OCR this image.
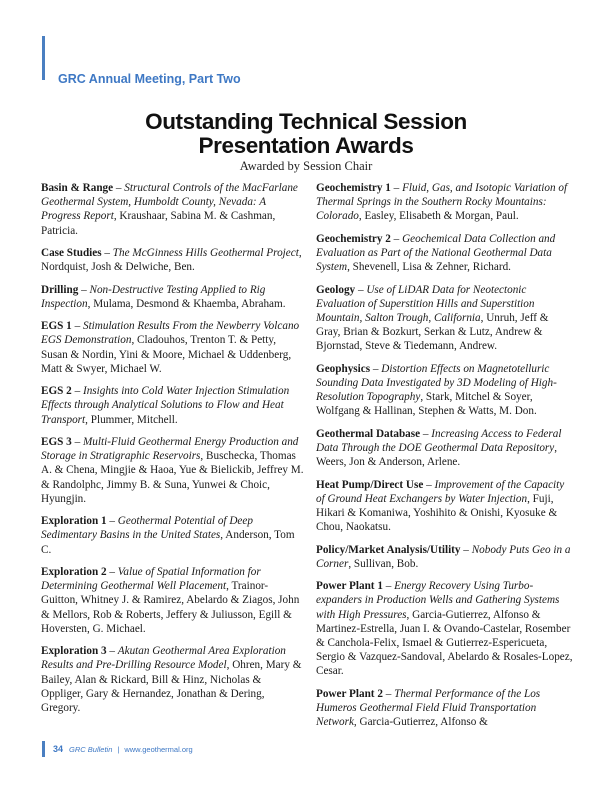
GRC Annual Meeting, Part Two
Outstanding Technical Session
Presentation Awards
Awarded by Session Chair

Basin & Range – Structural Controls of the MacFarlane Geothermal System, Humboldt County, Nevada: A Progress Report, Kraushaar, Sabina M. & Cashman, Patricia.

Case Studies – The McGinness Hills Geothermal Project, Nordquist, Josh & Delwiche, Ben.

Drilling – Non-Destructive Testing Applied to Rig Inspection, Mulama, Desmond & Khaemba, Abraham.

EGS 1 – Stimulation Results From the Newberry Volcano EGS Demonstration, Cladouhos, Trenton T. & Petty, Susan & Nordin, Yini & Moore, Michael & Uddenberg, Matt & Swyer, Michael W.

EGS 2 – Insights into Cold Water Injection Stimulation Effects through Analytical Solutions to Flow and Heat Transport, Plummer, Mitchell.

EGS 3 – Multi-Fluid Geothermal Energy Production and Storage in Stratigraphic Reservoirs, Buschecka, Thomas A. & Chena, Mingjie & Haoa, Yue & Bielickib, Jeffrey M. & Randolphc, Jimmy B. & Suna, Yunwei & Choic, Hyungjin.

Exploration 1 – Geothermal Potential of Deep Sedimentary Basins in the United States, Anderson, Tom C.

Exploration 2 – Value of Spatial Information for Determining Geothermal Well Placement, Trainor-Guitton, Whitney J. & Ramirez, Abelardo & Ziagos, John & Mellors, Rob & Roberts, Jeffery & Juliusson, Egill & Hoversten, G. Michael.

Exploration 3 – Akutan Geothermal Area Exploration Results and Pre-Drilling Resource Model, Ohren, Mary & Bailey, Alan & Rickard, Bill & Hinz, Nicholas & Oppliger, Gary & Hernandez, Jonathan & Dering, Gregory.

Geochemistry 1 – Fluid, Gas, and Isotopic Variation of Thermal Springs in the Southern Rocky Mountains: Colorado, Easley, Elisabeth & Morgan, Paul.

Geochemistry 2 – Geochemical Data Collection and Evaluation as Part of the National Geothermal Data System, Shevenell, Lisa & Zehner, Richard.

Geology – Use of LiDAR Data for Neotectonic Evaluation of Superstition Hills and Superstition Mountain, Salton Trough, California, Unruh, Jeff & Gray, Brian & Bozkurt, Serkan & Lutz, Andrew & Bjornstad, Steve & Tiedemann, Andrew.

Geophysics – Distortion Effects on Magnetotelluric Sounding Data Investigated by 3D Modeling of High-Resolution Topography, Stark, Mitchel & Soyer, Wolfgang & Hallinan, Stephen & Watts, M. Don.

Geothermal Database – Increasing Access to Federal Data Through the DOE Geothermal Data Repository, Weers, Jon & Anderson, Arlene.

Heat Pump/Direct Use – Improvement of the Capacity of Ground Heat Exchangers by Water Injection, Fuji, Hikari & Komaniwa, Yoshihito & Onishi, Kyosuke & Chou, Naokatsu.

Policy/Market Analysis/Utility – Nobody Puts Geo in a Corner, Sullivan, Bob.

Power Plant 1 – Energy Recovery Using Turbo-expanders in Production Wells and Gathering Systems with High Pressures, Garcia-Gutierrez, Alfonso & Martinez-Estrella, Juan I. & Ovando-Castelar, Rosember & Canchola-Felix, Ismael & Gutierrez-Espericueta, Sergio & Vazquez-Sandoval, Abelardo & Rosales-Lopez, Cesar.

Power Plant 2 – Thermal Performance of the Los Humeros Geothermal Field Fluid Transportation Network, Garcia-Gutierrez, Alfonso &

34 GRC Bulletin | www.geothermal.org
